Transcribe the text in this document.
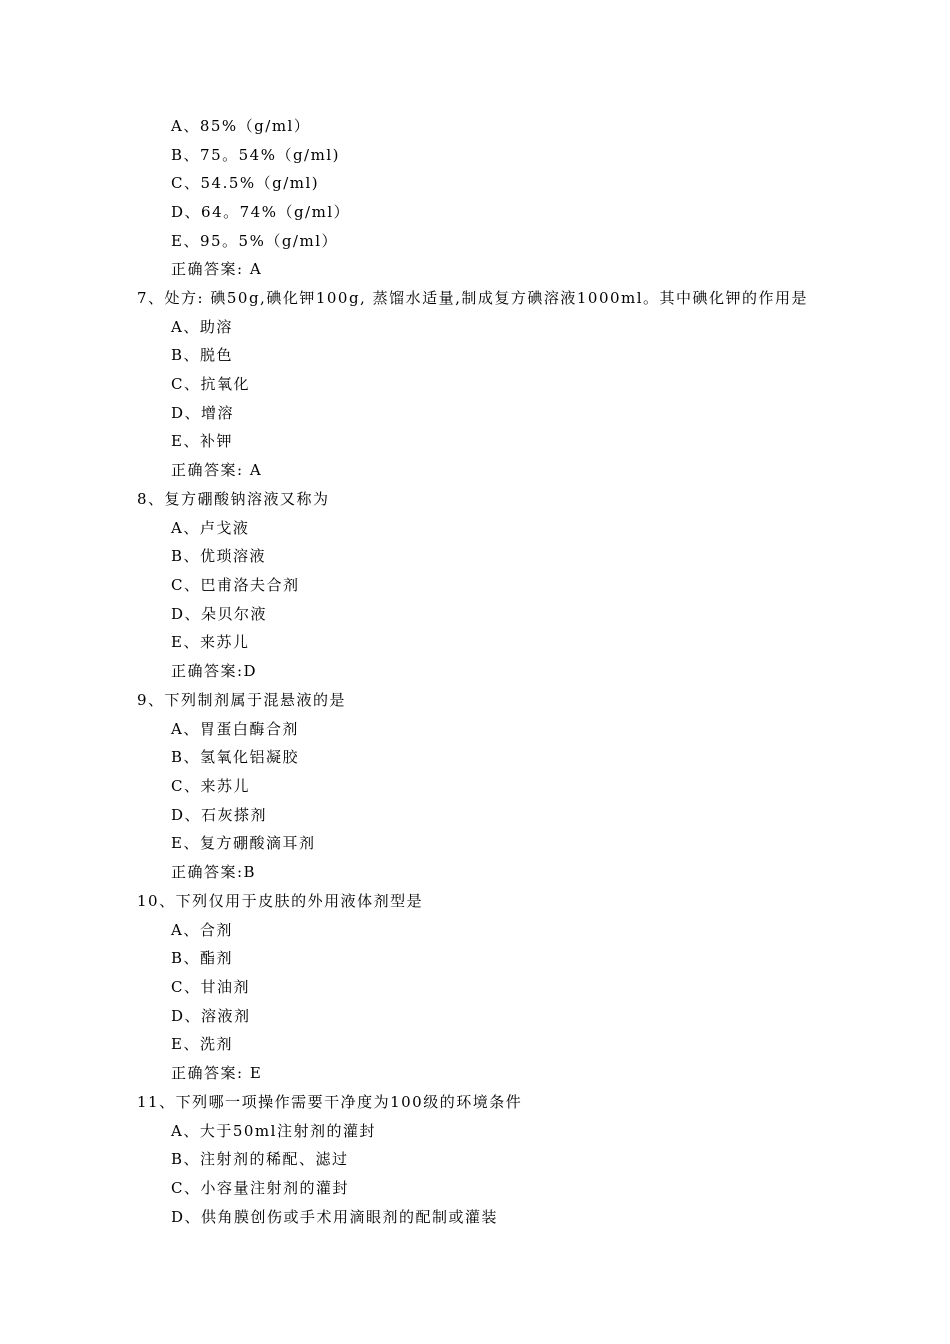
A、85%（g/ml）
B、75。54%（g/ml)
C、54.5%（g/ml)
D、64。74%（g/ml）
E、95。5%（g/ml）
正确答案: A
7、处方: 碘50g,碘化钾100g, 蒸馏水适量,制成复方碘溶液1000ml。其中碘化钾的作用是
A、助溶
B、脱色
C、抗氧化
D、增溶
E、补钾
正确答案: A
8、复方硼酸钠溶液又称为
A、卢戈液
B、优琐溶液
C、巴甫洛夫合剂
D、朵贝尔液
E、来苏儿
正确答案:D
9、下列制剂属于混悬液的是
A、胃蛋白酶合剂
B、氢氧化铝凝胶
C、来苏儿
D、石灰搽剂
E、复方硼酸滴耳剂
正确答案:B
10、下列仅用于皮肤的外用液体剂型是
A、合剂
B、酯剂
C、甘油剂
D、溶液剂
E、洗剂
正确答案: E
11、下列哪一项操作需要干净度为100级的环境条件
A、大于50ml注射剂的灌封
B、注射剂的稀配、滤过
C、小容量注射剂的灌封
D、供角膜创伤或手术用滴眼剂的配制或灌装
